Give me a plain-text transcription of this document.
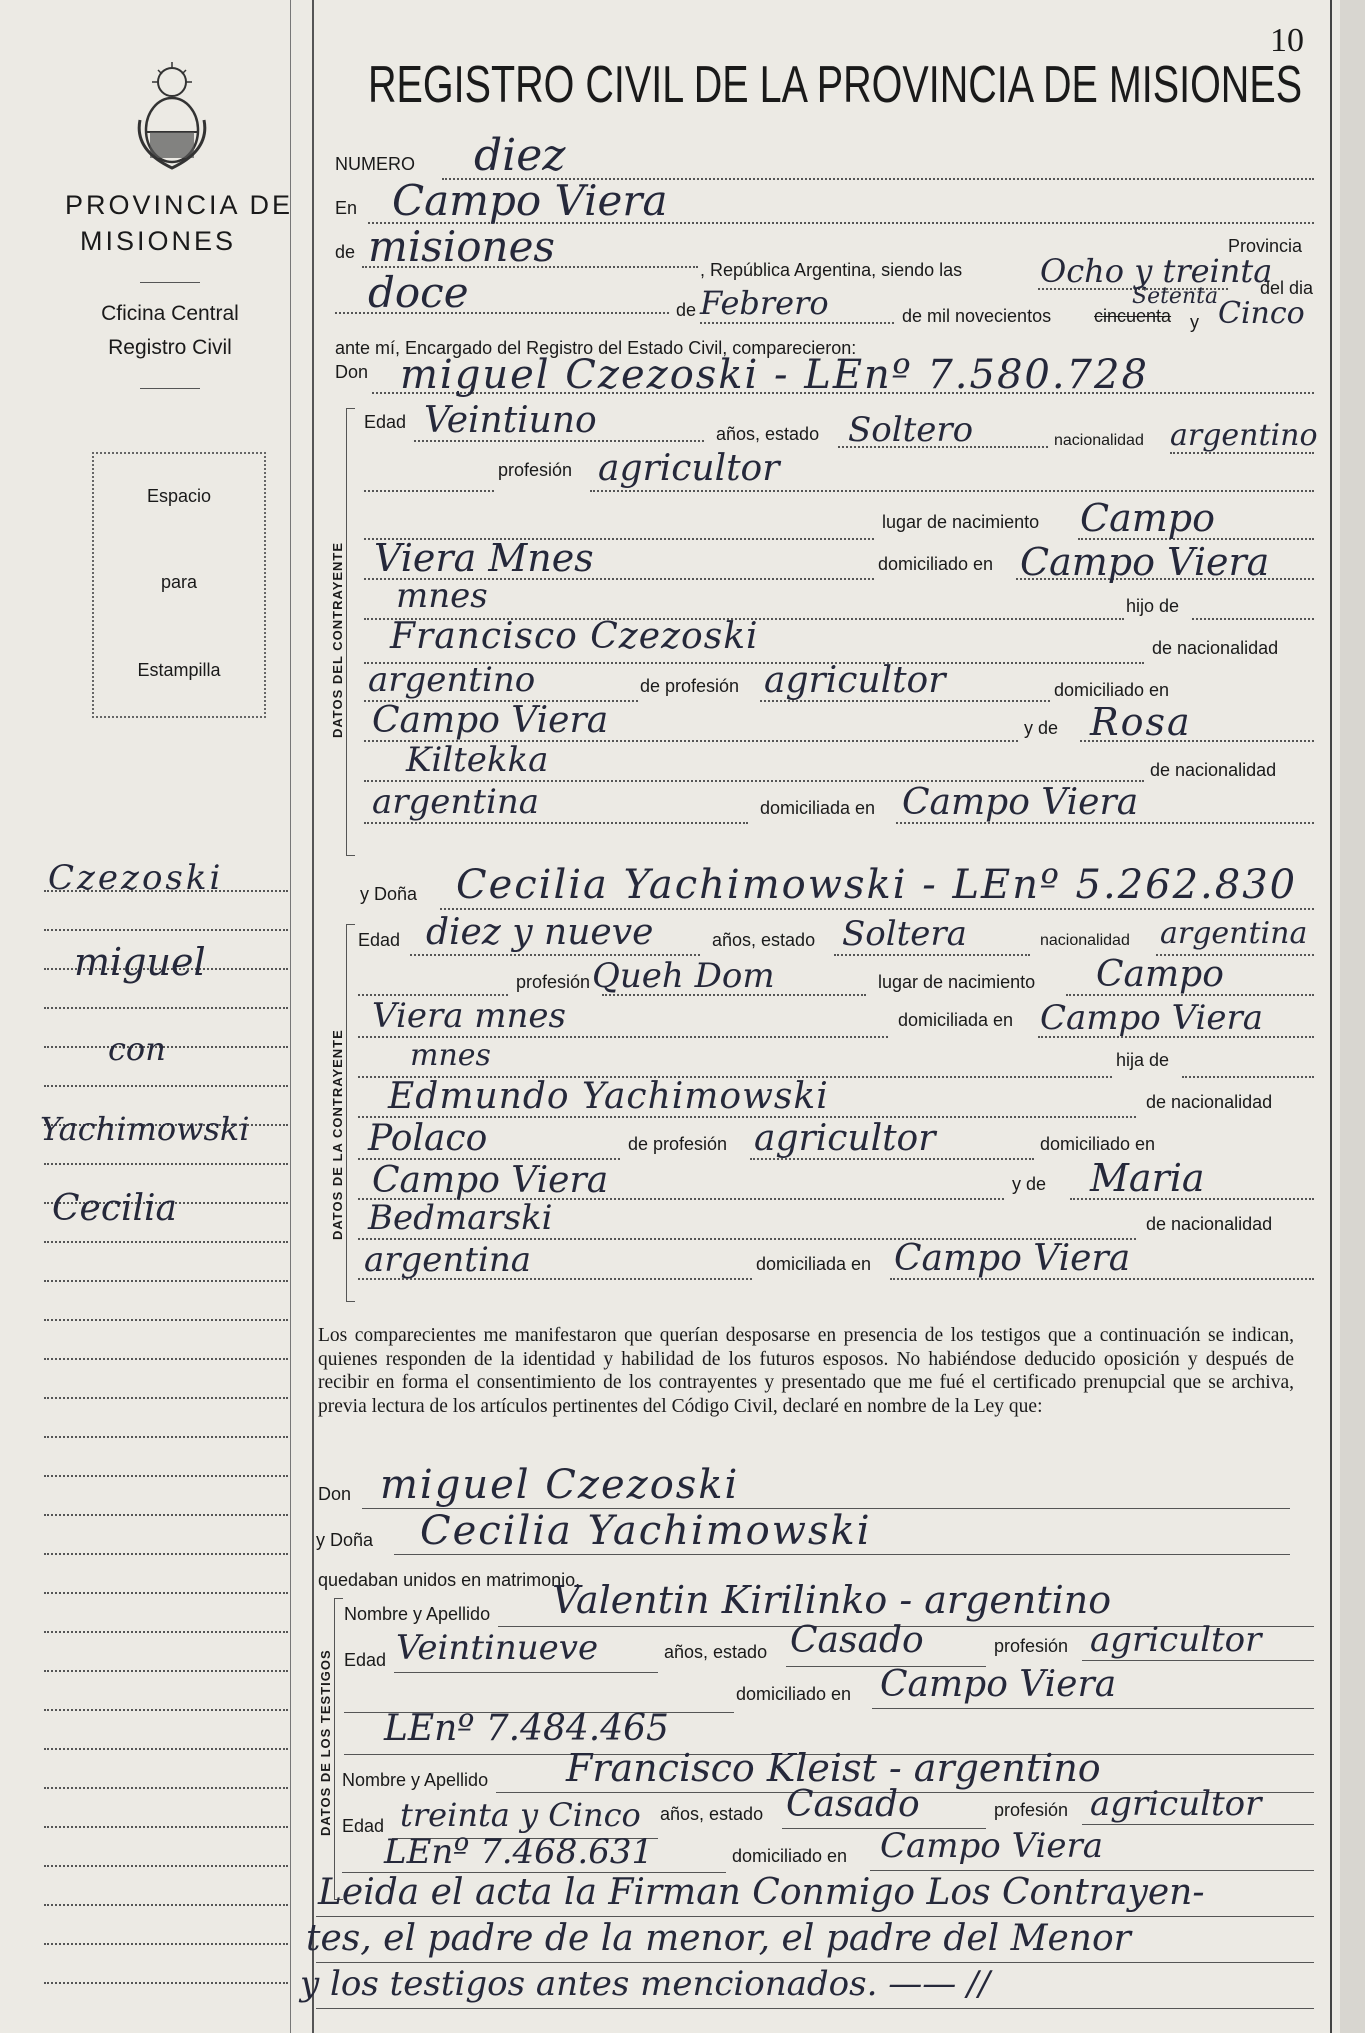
10
PROVINCIA DE
MISIONES
Cficina Central
Registro Civil
Espacio
para
Estampilla
Czezoski
miguel
con
Yachimowski
Cecilia
REGISTRO CIVIL DE LA PROVINCIA DE MISIONES
NUMERO diez
En Campo Viera
Provincia
de misiones	, República Argentina, siendo las Ocho y treinta
del dia
doce	de Febrero	de mil novecientos cincuenta y
Setenta Cinco
ante mí, Encargado del Registro del Estado Civil, comparecieron:
Don miguel Czezoski - LEnº 7.580.728
DATOS DEL CONTRAYENTE
Edad Veintiuno	años, estado Soltero	nacionalidad argentino
profesión agricultor
lugar de nacimiento Campo
Viera Mnes	domiciliado en Campo Viera
mnes	hijo de
Francisco Czezoski	de nacionalidad
argentino	de profesión agricultor	domiciliado en
Campo Viera	y de Rosa
Kiltekka	de nacionalidad
argentina	domiciliada en Campo Viera
y Doña Cecilia Yachimowski - LEnº 5.262.830
DATOS DE LA CONTRAYENTE
Edad diez y nueve	años, estado Soltera	nacionalidad argentina
profesión Queh Dom	lugar de nacimiento Campo
Viera mnes	domiciliada en Campo Viera
mnes	hija de
Edmundo Yachimowski	de nacionalidad
Polaco	de profesión agricultor	domiciliado en
Campo Viera	y de Maria
Bedmarski	de nacionalidad
argentina	domiciliada en Campo Viera
Los comparecientes me manifestaron que querían desposarse en presencia de los testigos que a continuación se indican, quienes responden de la identidad y habilidad de los futuros esposos. No habiéndose deducido oposición y después de recibir en forma el consentimiento de los contrayentes y presentado que me fué el certificado prenupcial que se archiva, previa lectura de los artículos pertinentes del Código Civil, declaré en nombre de la Ley que:
Don miguel Czezoski
y Doña Cecilia Yachimowski
quedaban unidos en matrimonio.
DATOS DE LOS TESTIGOS
Nombre y Apellido Valentin Kirilinko - argentino
Edad Veintinueve	años, estado Casado	profesión agricultor
domiciliado en Campo Viera
LEnº 7.484.465
Nombre y Apellido Francisco Kleist - argentino
Edad treinta y Cinco años, estado Casado	profesión agricultor
LEnº 7.468.631	domiciliado en Campo Viera
Leida el acta la Firman Conmigo Los Contrayen-
tes, el padre de la menor, el padre del Menor
y los testigos antes mencionados. —— //
